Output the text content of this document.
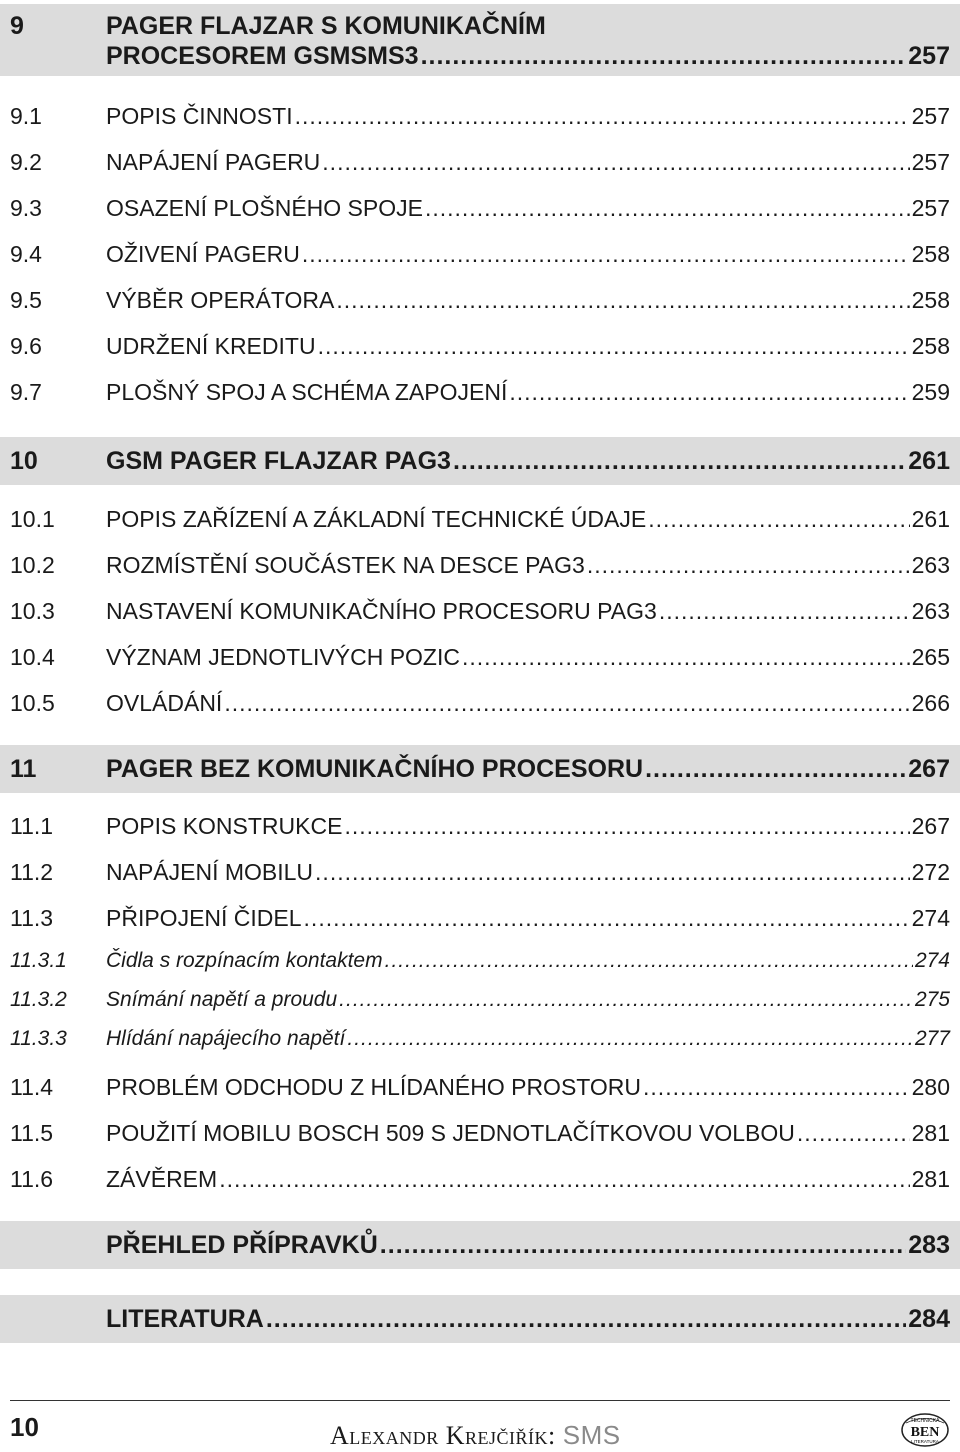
9	PAGER FLAJZAR S KOMUNIKAČNÍM
PROCESOREM GSMSMS3 .....	257
9.1	POPIS ČINNOSTI .....	257
9.2	NAPÁJENÍ PAGERU .....	257
9.3	OSAZENÍ PLOŠNÉHO SPOJE .....	257
9.4	OŽIVENÍ PAGERU .....	258
9.5	VÝBĚR OPERÁTORA .....	258
9.6	UDRŽENÍ KREDITU .....	258
9.7	PLOŠNÝ SPOJ A SCHÉMA ZAPOJENÍ .....	259
10	GSM PAGER FLAJZAR PAG3 .....	261
10.1 POPIS ZAŘÍZENÍ A ZÁKLADNÍ TECHNICKÉ ÚDAJE .....	261
10.2 ROZMÍSTĚNÍ SOUČÁSTEK NA DESCE PAG3 .....	263
10.3 NASTAVENÍ KOMUNIKAČNÍHO PROCESORU PAG3 .....	263
10.4 VÝZNAM JEDNOTLIVÝCH POZIC .....	265
10.5 OVLÁDÁNÍ .....	266
11	PAGER BEZ KOMUNIKAČNÍHO PROCESORU .....	267
11.1 POPIS KONSTRUKCE .....	267
11.2 NAPÁJENÍ MOBILU .....	272
11.3 PŘIPOJENÍ ČIDEL .....	274
11.3.1 Čidla s rozpínacím kontaktem .....	274
11.3.2 Snímání napětí a proudu .....	275
11.3.3 Hlídání napájecího napětí .....	277
11.4 PROBLÉM ODCHODU Z HLÍDANÉHO PROSTORU .....	280
11.5 POUŽITÍ MOBILU BOSCH 509 S JEDNOTLAČÍTKOVOU VOLBOU .....	281
11.6 ZÁVĚREM .....	281
PŘEHLED PŘÍPRAVKŮ .....	283
LITERATURA .....	284
10	Alexandr Krejčiřík: SMS	TECHNICKÁ
BEN
LITERATURA
